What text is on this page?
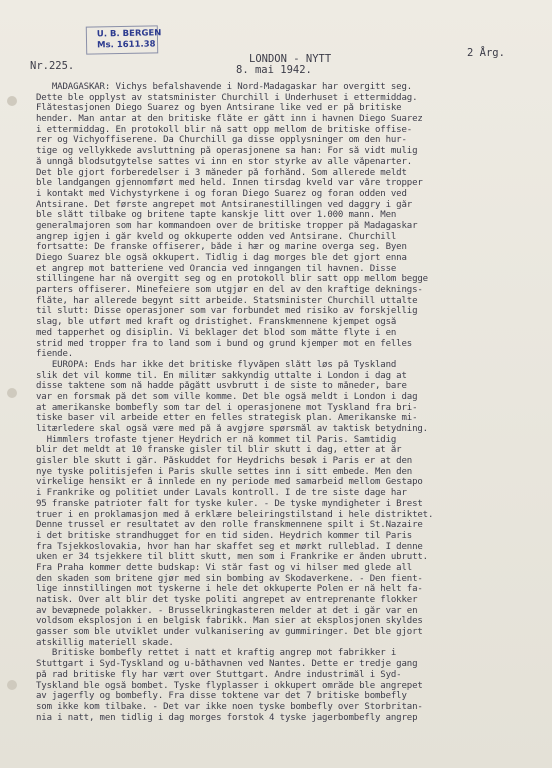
U. B. BERGEN
Ms. 1611.38
Nr.225.
LONDON - NYTT
8. mai 1942.
2 Årg.
MADAGASKAR: Vichys befalshavende i Nord-Madagaskar har overgitt seg.
Dette ble opplyst av statsminister Churchill i Underhuset i ettermiddag.
Flåtestasjonen Diego Suarez og byen Antsirane like ved er på britiske
hender. Man antar at den britiske flåte er gått inn i havnen Diego Suarez
i ettermiddag. En protokoll blir nå satt opp mellom de britiske offise-
rer og Vichyoffiserene. Da Churchill ga disse opplysninger om den hur-
tige og vellykkede avsluttning på operasjonene sa han: For så vidt mulig
å unngå blodsutgytelse sattes vi inn en stor styrke av alle våpenarter.
Det ble gjort forberedelser i 3 måneder på forhånd. Som allerede meldt
ble landgangen gjennomført med held. Innen tirsdag kveld var våre tropper
i kontakt med Vichystyrkene i og foran Diego Suarez og foran odden ved
Antsirane. Det første angrepet mot Antsiranestillingen ved daggry i går
ble slått tilbake og britene tapte kanskje litt over 1.000 mann. Men
generalmajoren som har kommandoen over de britiske tropper på Madagaskar
angrep igjen i går kveld og okkuperte odden ved Antsirane. Churchill
fortsatte: De franske offiserer, både i hær og marine overga seg. Byen
Diego Suarez ble også okkupert. Tidlig i dag morges ble det gjort enna
et angrep mot batteriene ved Orancia ved inngangen til havnen. Disse
stillingene har nå overgitt seg og en protokoll blir satt opp mellom begge
parters offiserer. Minefeiere som utgjør en del av den kraftige deknings-
flåte, har allerede begynt sitt arbeide. Statsminister Churchill uttalte
til slutt: Disse operasjoner som var forbundet med risiko av forskjellig
slag, ble utført med kraft og dristighet. Franskmennene kjempet også
med tapperhet og disiplin. Vi beklager det blod som måtte flyte i en
strid med tropper fra to land som i bund og grund kjemper mot en felles
fiende.
EUROPA: Ends har ikke det britiske flyvåpen slått løs på Tyskland
slik det vil komme til. En militær sakkyndig uttalte i London i dag at
disse taktene som nå hadde pågått usvbrutt i de siste to måneder, bare
var en forsmak på det som ville komme. Det ble også meldt i London i dag
at amerikanske bombefly som tar del i operasjonene mot Tyskland fra bri-
tiske baser vil arbeide etter en felles strategisk plan. Amerikanske mi-
litærledere skal også være med på å avgjøre spørsmål av taktisk betydning.
Himmlers trofaste tjener Heydrich er nå kommet til Paris. Samtidig
blir det meldt at 10 franske gisler til blir skutt i dag, etter at år
gisler ble skutt i går. Påskuddet for Heydrichs besøk i Paris er at den
nye tyske politisjefen i Paris skulle settes inn i sitt embede. Men den
virkelige hensikt er å innlede en ny periode med samarbeid mellom Gestapo
i Frankrike og politiet under Lavals kontroll. I de tre siste dage har
95 franske patrioter falt for tyske kuler. - De tyske myndigheter i Brest
truer i en proklamasjon med å erklære beleiringstilstand i hele distriktet.
Denne trussel er resultatet av den rolle franskmennene spilt i St.Nazaire
i det britiske strandhugget for en tid siden. Heydrich kommer til Paris
fra Tsjekkoslovakia, hvor han har skaffet seg et mørkt rulleblad. I denne
uken er 34 tsjekkere til blitt skutt, men som i Frankrike er ånden ubrutt.
Fra Praha kommer dette budskap: Vi står fast og vi hilser med glede all
den skaden som britene gjør med sin bombing av Skodaverkene. - Den fient-
lige innstillingen mot tyskerne i hele det okkuperte Polen er nå helt fa-
natisk. Over alt blir det tyske politi angrepet av entreprenante flokker
av bevæpnede polakker. - Brusselkringkasteren melder at det i går var en
voldsom eksplosjon i en belgisk fabrikk. Man sier at eksplosjonen skyldes
gasser som ble utviklet under vulkanisering av gummiringer. Det ble gjort
atskillig materiell skade.
Britiske bombefly rettet i natt et kraftig angrep mot fabrikker i
Stuttgart i Syd-Tyskland og u-båthavnen ved Nantes. Dette er tredje gang
på rad britiske fly har vært over Stuttgart. Andre industrimål i Syd-
Tyskland ble også bombet. Tyske flyplasser i okkupert område ble angrepet
av jagerfly og bombefly. Fra disse toktene var det 7 britiske bombefly
som ikke kom tilbake. - Det var ikke noen tyske bombefly over Storbritan-
nia i natt, men tidlig i dag morges forstok 4 tyske jagerbombefly angrep
